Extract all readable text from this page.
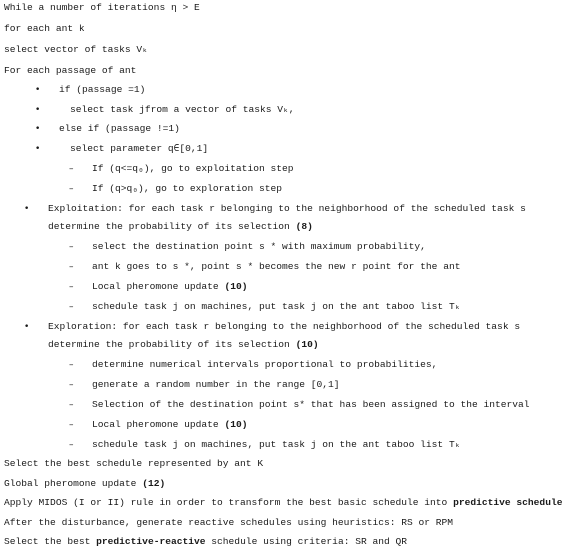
While a number of iterations η > E
for each ant k
select vector of tasks Vₖ
For each passage of ant
• if (passage =1)
•	select task jfrom a vector of tasks Vₖ,
• else if (passage !=1)
•	select parameter q∈[0,1]
– If (q<=q₀), go to exploitation step
– If (q>q₀), go to exploration step
• Exploitation: for each task r belonging to the neighborhood of the scheduled task s
determine the probability of its selection (8)
– select the destination point s * with maximum probability,
– ant k goes to s *, point s * becomes the new r point for the ant
– Local pheromone update (10)
– schedule task j on machines, put task j on the ant taboo list Tₖ
• Exploration: for each task r belonging to the neighborhood of the scheduled task s
determine the probability of its selection (10)
– determine numerical intervals proportional to probabilities,
– generate a random number in the range [0,1]
– Selection of the destination point s* that has been assigned to the interval
– Local pheromone update (10)
– schedule task j on machines, put task j on the ant taboo list Tₖ
Select the best schedule represented by ant K
Global pheromone update (12)
Apply MIDOS (I or II) rule in order to transform the best basic schedule into predictive schedule
After the disturbance, generate reactive schedules using heuristics: RS or RPM
Select the best predictive-reactive schedule using criteria: SR and QR
